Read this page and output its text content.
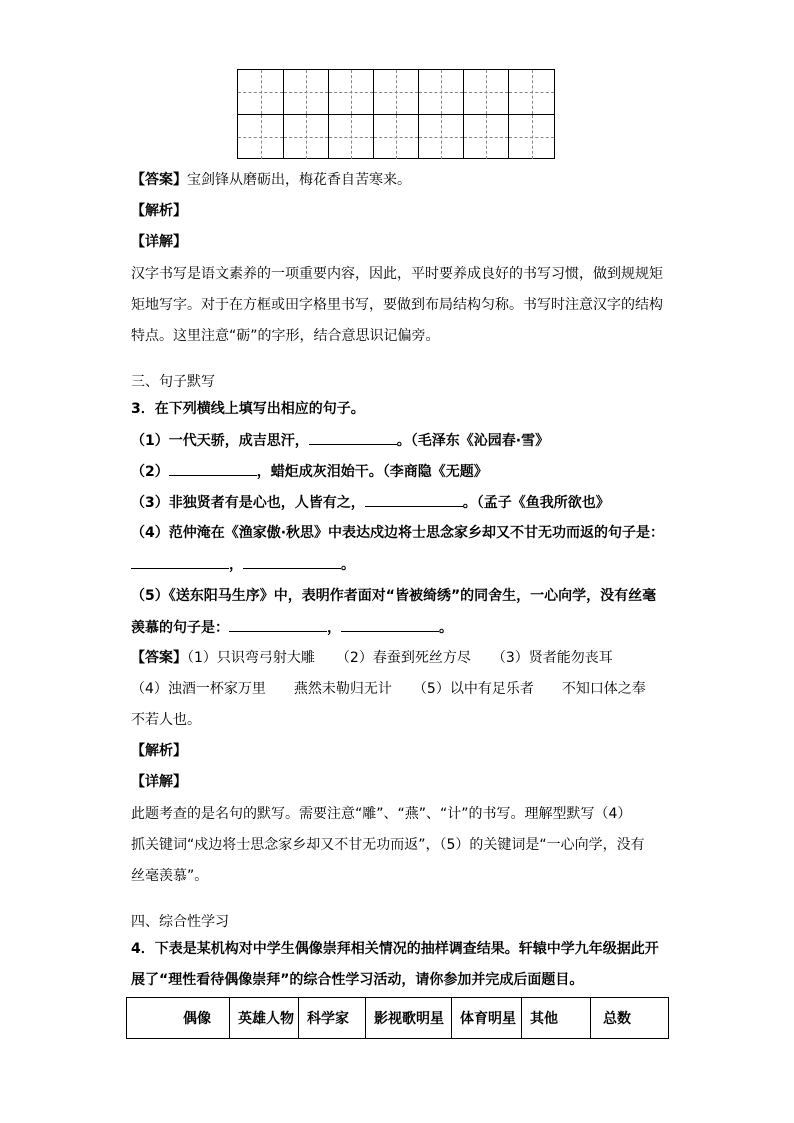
【答案】宝剑锋从磨砺出，梅花香自苦寒来。
【解析】
【详解】
汉字书写是语文素养的一项重要内容，因此，平时要养成良好的书写习惯，做到规规矩
矩地写字。对于在方框或田字格里书写，要做到布局结构匀称。书写时注意汉字的结构
特点。这里注意“砺”的字形，结合意思识记偏旁。
三、句子默写
3．在下列横线上填写出相应的句子。
（1）一代天骄，成吉思汗，	。（毛泽东《沁园春·雪》
（2）	，蜡炬成灰泪始干。（李商隐《无题》
（3）非独贤者有是心也，人皆有之，	。（孟子《鱼我所欲也》
（4）范仲淹在《渔家傲·秋思》中表达戍边将士思念家乡却又不甘无功而返的句子是：
，	。
（5）《送东阳马生序》中，表明作者面对“皆被绮绣”的同舍生，一心向学，没有丝毫
羡慕的句子是：	，	。
【答案】（1）只识弯弓射大雕　　（2）春蚕到死丝方尽　　（3）贤者能勿丧耳
（4）浊酒一杯家万里　　燕然未勒归无计　　（5）以中有足乐者　　不知口体之奉
不若人也。
【解析】
【详解】
此题考查的是名句的默写。需要注意“雕”、“燕”、“计”的书写。理解型默写（4）
抓关键词“戍边将士思念家乡却又不甘无功而返”，（5）的关键词是“一心向学，没有
丝毫羡慕”。
四、综合性学习
4．下表是某机构对中学生偶像崇拜相关情况的抽样调查结果。轩辕中学九年级据此开
展了“理性看待偶像崇拜”的综合性学习活动，请你参加并完成后面题目。
偶像	英雄人物	科学家	影视歌明星	体育明星	其他	总数
